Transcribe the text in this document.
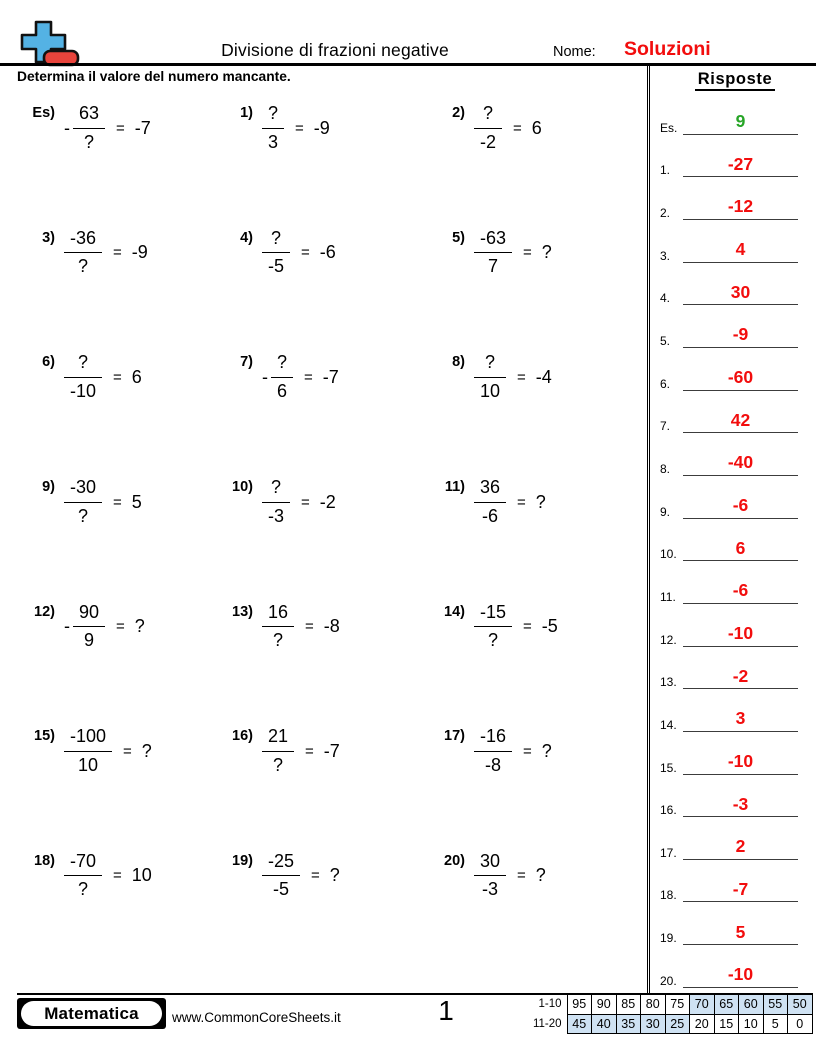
Divisione di frazioni negative	Nome: Soluzioni
Determina il valore del numero mancante.	Risposte
Es.	9
1.	-27
2.	-12
3.	4
4.	30
5.	-9
6.	-60
7.	42
8.	-40
9.	-6
10.	6
11.	-6
12.	-10
13.	-2
14.	3
15.	-10
16.	-3
17.	2
18.	-7
19.	5
20.	-10
Es)
- $\frac{63}{?} = -7$
$1) \frac{?}{3} = -9$
$2) \frac{?}{-2} = 6$
$3) \frac{-36}{?} = -9$
$4) \frac{?}{-5} = -6$
$5) \frac{-63}{7}$ = ?
$6) \frac{?}{-10} = 6$
7)
- $\frac{?}{6} = -7$
$8) \frac{?}{10} = -4$
$9) \frac{-30}{?} = 5$
$10) \frac{?}{-3} = -2$
$11) \frac{36}{-6}$ = ?
12)
- $\frac{90}{9}$ = ?
$13) \frac{16}{?} = -8$
$14) \frac{-15}{?} = -5$
$15) \frac{-100}{10}$ = ?
$16) \frac{21}{?} = -7$
$17) \frac{-16}{-8}$ = ?
$18) \frac{-70}{?} = 10$
$19) \frac{-25}{-5}$ = ?
$20) \frac{30}{-3}$ = ?
Matematica	www.CommonCoreSheets.it	1	1-10	95	90	85	80	75	70	65	60	55	50
11-20	45	40	35	30	25	20	15	10	5	0
